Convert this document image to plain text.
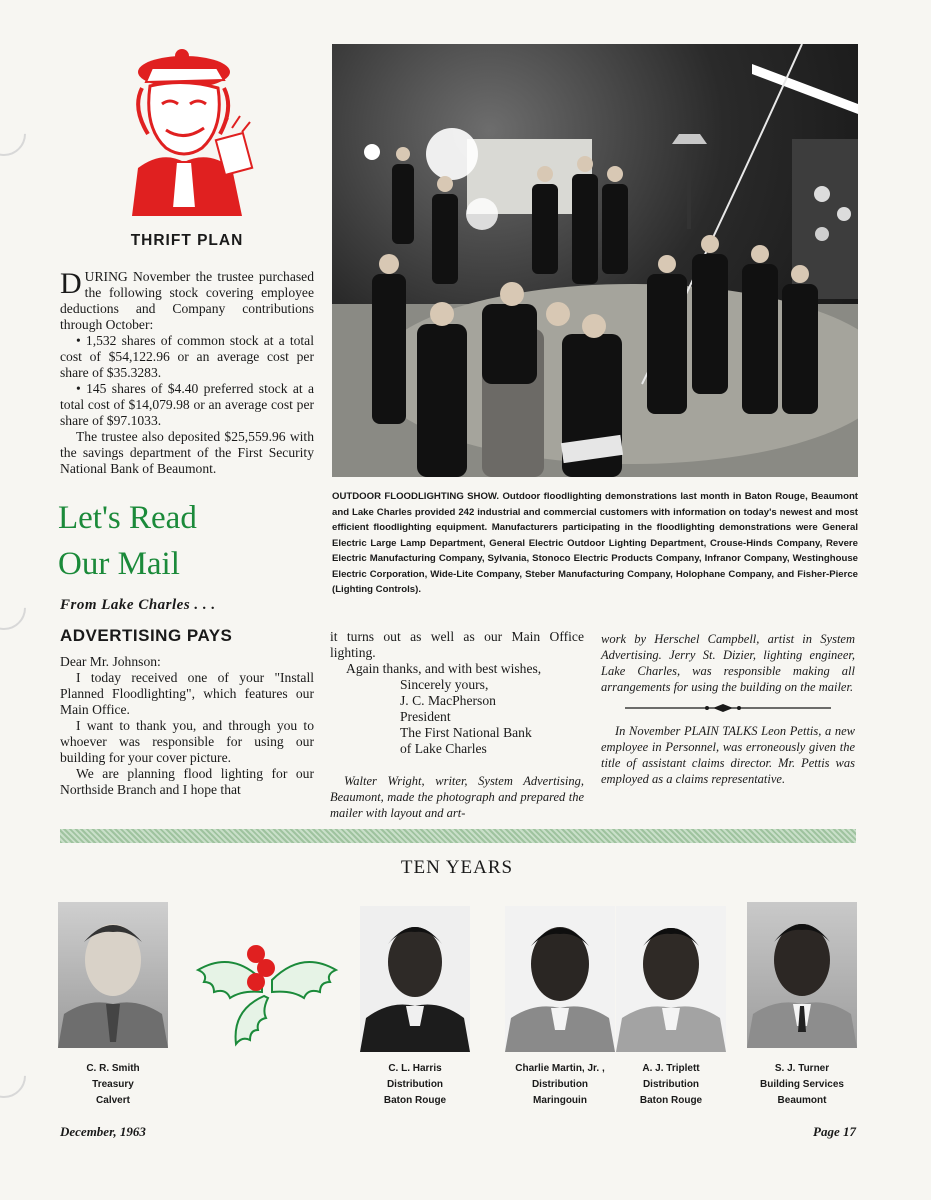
THRIFT PLAN

DURING November the trustee purchased the following stock covering employee deductions and Company contributions through October:

• 1,532 shares of common stock at a total cost of $54,122.96 or an average cost per share of $35.3283.

• 145 shares of $4.40 preferred stock at a total cost of $14,079.98 or an average cost per share of $97.1033.

The trustee also deposited $25,559.96 with the savings department of the First Security National Bank of Beaumont.

Let's Read
Our Mail
From Lake Charles . . .
ADVERTISING PAYS

Dear Mr. Johnson:

I today received one of your "Install Planned Floodlighting", which features our Main Office.

I want to thank you, and through you to whoever was responsible for using our building for your cover picture.

We are planning flood lighting for our Northside Branch and I hope that

it turns out as well as our Main Office lighting.

Again thanks, and with best wishes,

Sincerely yours,
J. C. MacPherson
President
The First National Bank
of Lake Charles
Walter Wright, writer, System Advertising, Beaumont, made the photograph and prepared the mailer with layout and art-
work by Herschel Campbell, artist in System Advertising. Jerry St. Dizier, lighting engineer, Lake Charles, was responsible making all arrangements for using the building on the mailer.
In November PLAIN TALKS Leon Pettis, a new employee in Personnel, was erroneously given the title of assistant claims director. Mr. Pettis was employed as a claims representative.
OUTDOOR FLOODLIGHTING SHOW. Outdoor floodlighting demonstrations last month in Baton Rouge, Beaumont and Lake Charles provided 242 industrial and commercial customers with information on today's newest and most efficient floodlighting equipment. Manufacturers participating in the floodlighting demonstrations were General Electric Large Lamp Department, General Electric Outdoor Lighting Department, Crouse-Hinds Company, Revere Electric Manufacturing Company, Sylvania, Stonoco Electric Products Company, Infranor Company, Westinghouse Electric Corporation, Wide-Lite Company, Steber Manufacturing Company, Holophane Company, and Fisher-Pierce (Lighting Controls).
TEN YEARS
C. R. Smith
Treasury
Calvert
C. L. Harris
Distribution
Baton Rouge
Charlie Martin, Jr. ,
Distribution
Maringouin
A. J. Triplett
Distribution
Baton Rouge
S. J. Turner
Building Services
Beaumont
December, 1963	Page 17
